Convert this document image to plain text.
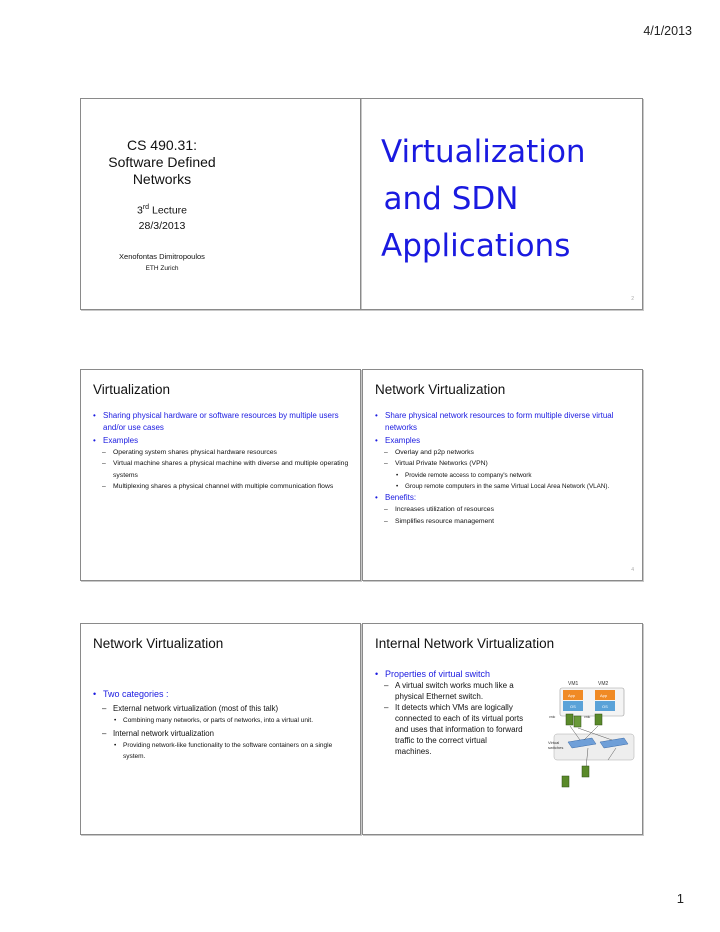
4/1/2013
CS 490.31:
Software Defined Networks
3rd Lecture
28/3/2013
Xenofontas Dimitropoulos
ETH Zurich
Virtualization
and SDN
Applications
2
Virtualization
• Sharing physical hardware or software resources by multiple users and/or use cases
• Examples
– Operating system shares physical hardware resources
– Virtual machine shares a physical machine with diverse and multiple operating systems
– Multiplexing shares a physical channel with multiple communication flows
Network Virtualization
• Share physical network resources to form multiple diverse virtual networks
• Examples
– Overlay and p2p networks
– Virtual Private Networks (VPN)
• Provide remote access to company's network
• Group remote computers in the same Virtual Local Area Network (VLAN).
• Benefits:
– Increases utilization of resources
– Simplifies resource management
4
Network Virtualization
• Two categories :
– External network virtualization (most of this talk)
• Combining many networks, or parts of networks, into a virtual unit.
– Internal network virtualization
• Providing network-like functionality to the software containers on a single system.
Internal Network Virtualization
• Properties of virtual switch
– A virtual switch works much like a physical Ethernet switch.
– It detects which VMs are logically connected to each of its virtual ports and uses that information to forward traffic to the correct virtual machines.
VM1	VM2
App
OS
App
OS
vnic	vnic
Virtual
switches
1
